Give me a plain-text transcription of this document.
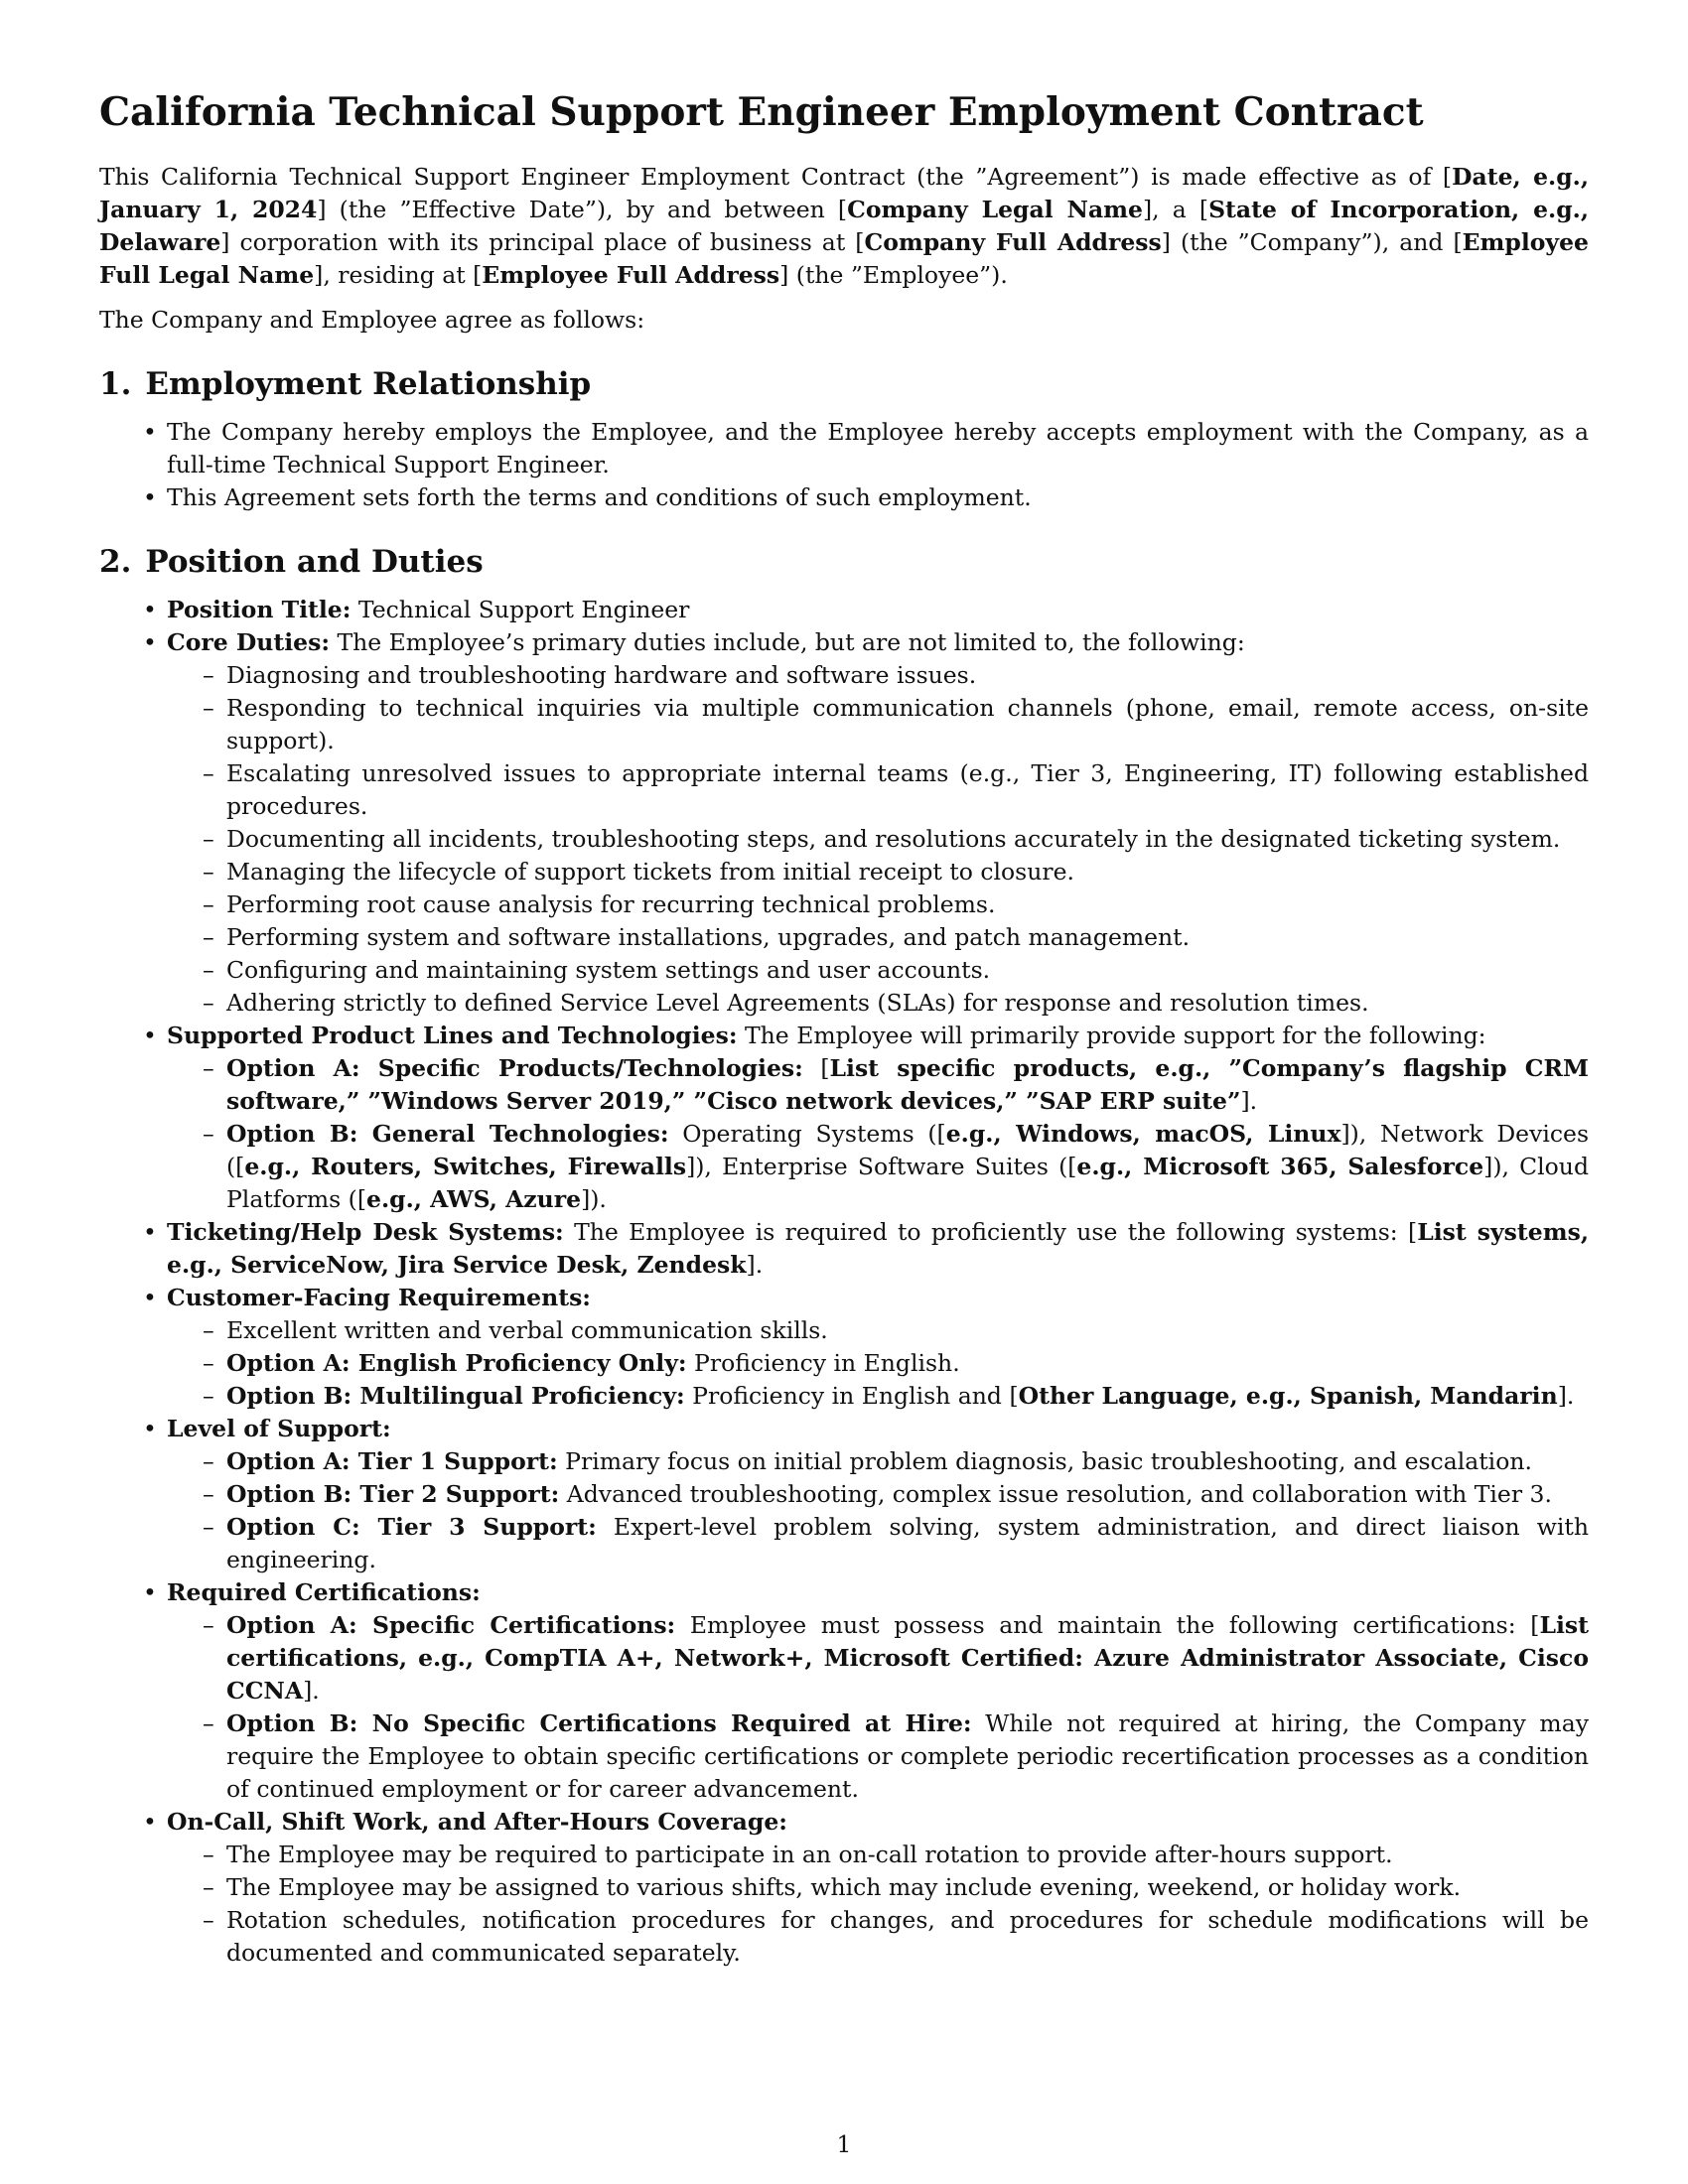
California Technical Support Engineer Employment Contract

This California Technical Support Engineer Employment Contract (the ”Agreement”) is made effective as of [Date, e.g., January 1, 2024] (the ”Effective Date”), by and between [Company Legal Name], a [State of Incorporation, e.g., Delaware] corporation with its principal place of business at [Company Full Address] (the ”Company”), and [Employee Full Legal Name], residing at [Employee Full Address] (the ”Employee”).

The Company and Employee agree as follows:

1. Employment Relationship
• The Company hereby employs the Employee, and the Employee hereby accepts employment with the Company, as a full-time Technical Support Engineer.
• This Agreement sets forth the terms and conditions of such employment.
2. Position and Duties
• Position Title: Technical Support Engineer
• Core Duties: The Employee’s primary duties include, but are not limited to, the following:
– Diagnosing and troubleshooting hardware and software issues.
– Responding to technical inquiries via multiple communication channels (phone, email, remote access, on-site support).
– Escalating unresolved issues to appropriate internal teams (e.g., Tier 3, Engineering, IT) following established procedures.
– Documenting all incidents, troubleshooting steps, and resolutions accurately in the designated ticketing system.
– Managing the lifecycle of support tickets from initial receipt to closure.
– Performing root cause analysis for recurring technical problems.
– Performing system and software installations, upgrades, and patch management.
– Configuring and maintaining system settings and user accounts.
– Adhering strictly to defined Service Level Agreements (SLAs) for response and resolution times.
• Supported Product Lines and Technologies: The Employee will primarily provide support for the following:
– Option A: Specific Products/Technologies: [List specific products, e.g., ”Company’s flagship CRM software,” ”Windows Server 2019,” ”Cisco network devices,” ”SAP ERP suite”].
– Option B: General Technologies: Operating Systems ([e.g., Windows, macOS, Linux]), Network Devices ([e.g., Routers, Switches, Firewalls]), Enterprise Software Suites ([e.g., Microsoft 365, Salesforce]), Cloud Platforms ([e.g., AWS, Azure]).
• Ticketing/Help Desk Systems: The Employee is required to proficiently use the following systems: [List systems, e.g., ServiceNow, Jira Service Desk, Zendesk].
• Customer-Facing Requirements:
– Excellent written and verbal communication skills.
– Option A: English Proficiency Only: Proficiency in English.
– Option B: Multilingual Proficiency: Proficiency in English and [Other Language, e.g., Spanish, Mandarin].
• Level of Support:
– Option A: Tier 1 Support: Primary focus on initial problem diagnosis, basic troubleshooting, and escalation.
– Option B: Tier 2 Support: Advanced troubleshooting, complex issue resolution, and collaboration with Tier 3.
– Option C: Tier 3 Support: Expert-level problem solving, system administration, and direct liaison with engineering.
• Required Certifications:
– Option A: Specific Certifications: Employee must possess and maintain the following certifications: [List certifications, e.g., CompTIA A+, Network+, Microsoft Certified: Azure Administrator Associate, Cisco CCNA].
– Option B: No Specific Certifications Required at Hire: While not required at hiring, the Company may require the Employee to obtain specific certifications or complete periodic recertification processes as a condition of continued employment or for career advancement.
• On-Call, Shift Work, and After-Hours Coverage:
– The Employee may be required to participate in an on-call rotation to provide after-hours support.
– The Employee may be assigned to various shifts, which may include evening, weekend, or holiday work.
– Rotation schedules, notification procedures for changes, and procedures for schedule modifications will be documented and communicated separately.
1
